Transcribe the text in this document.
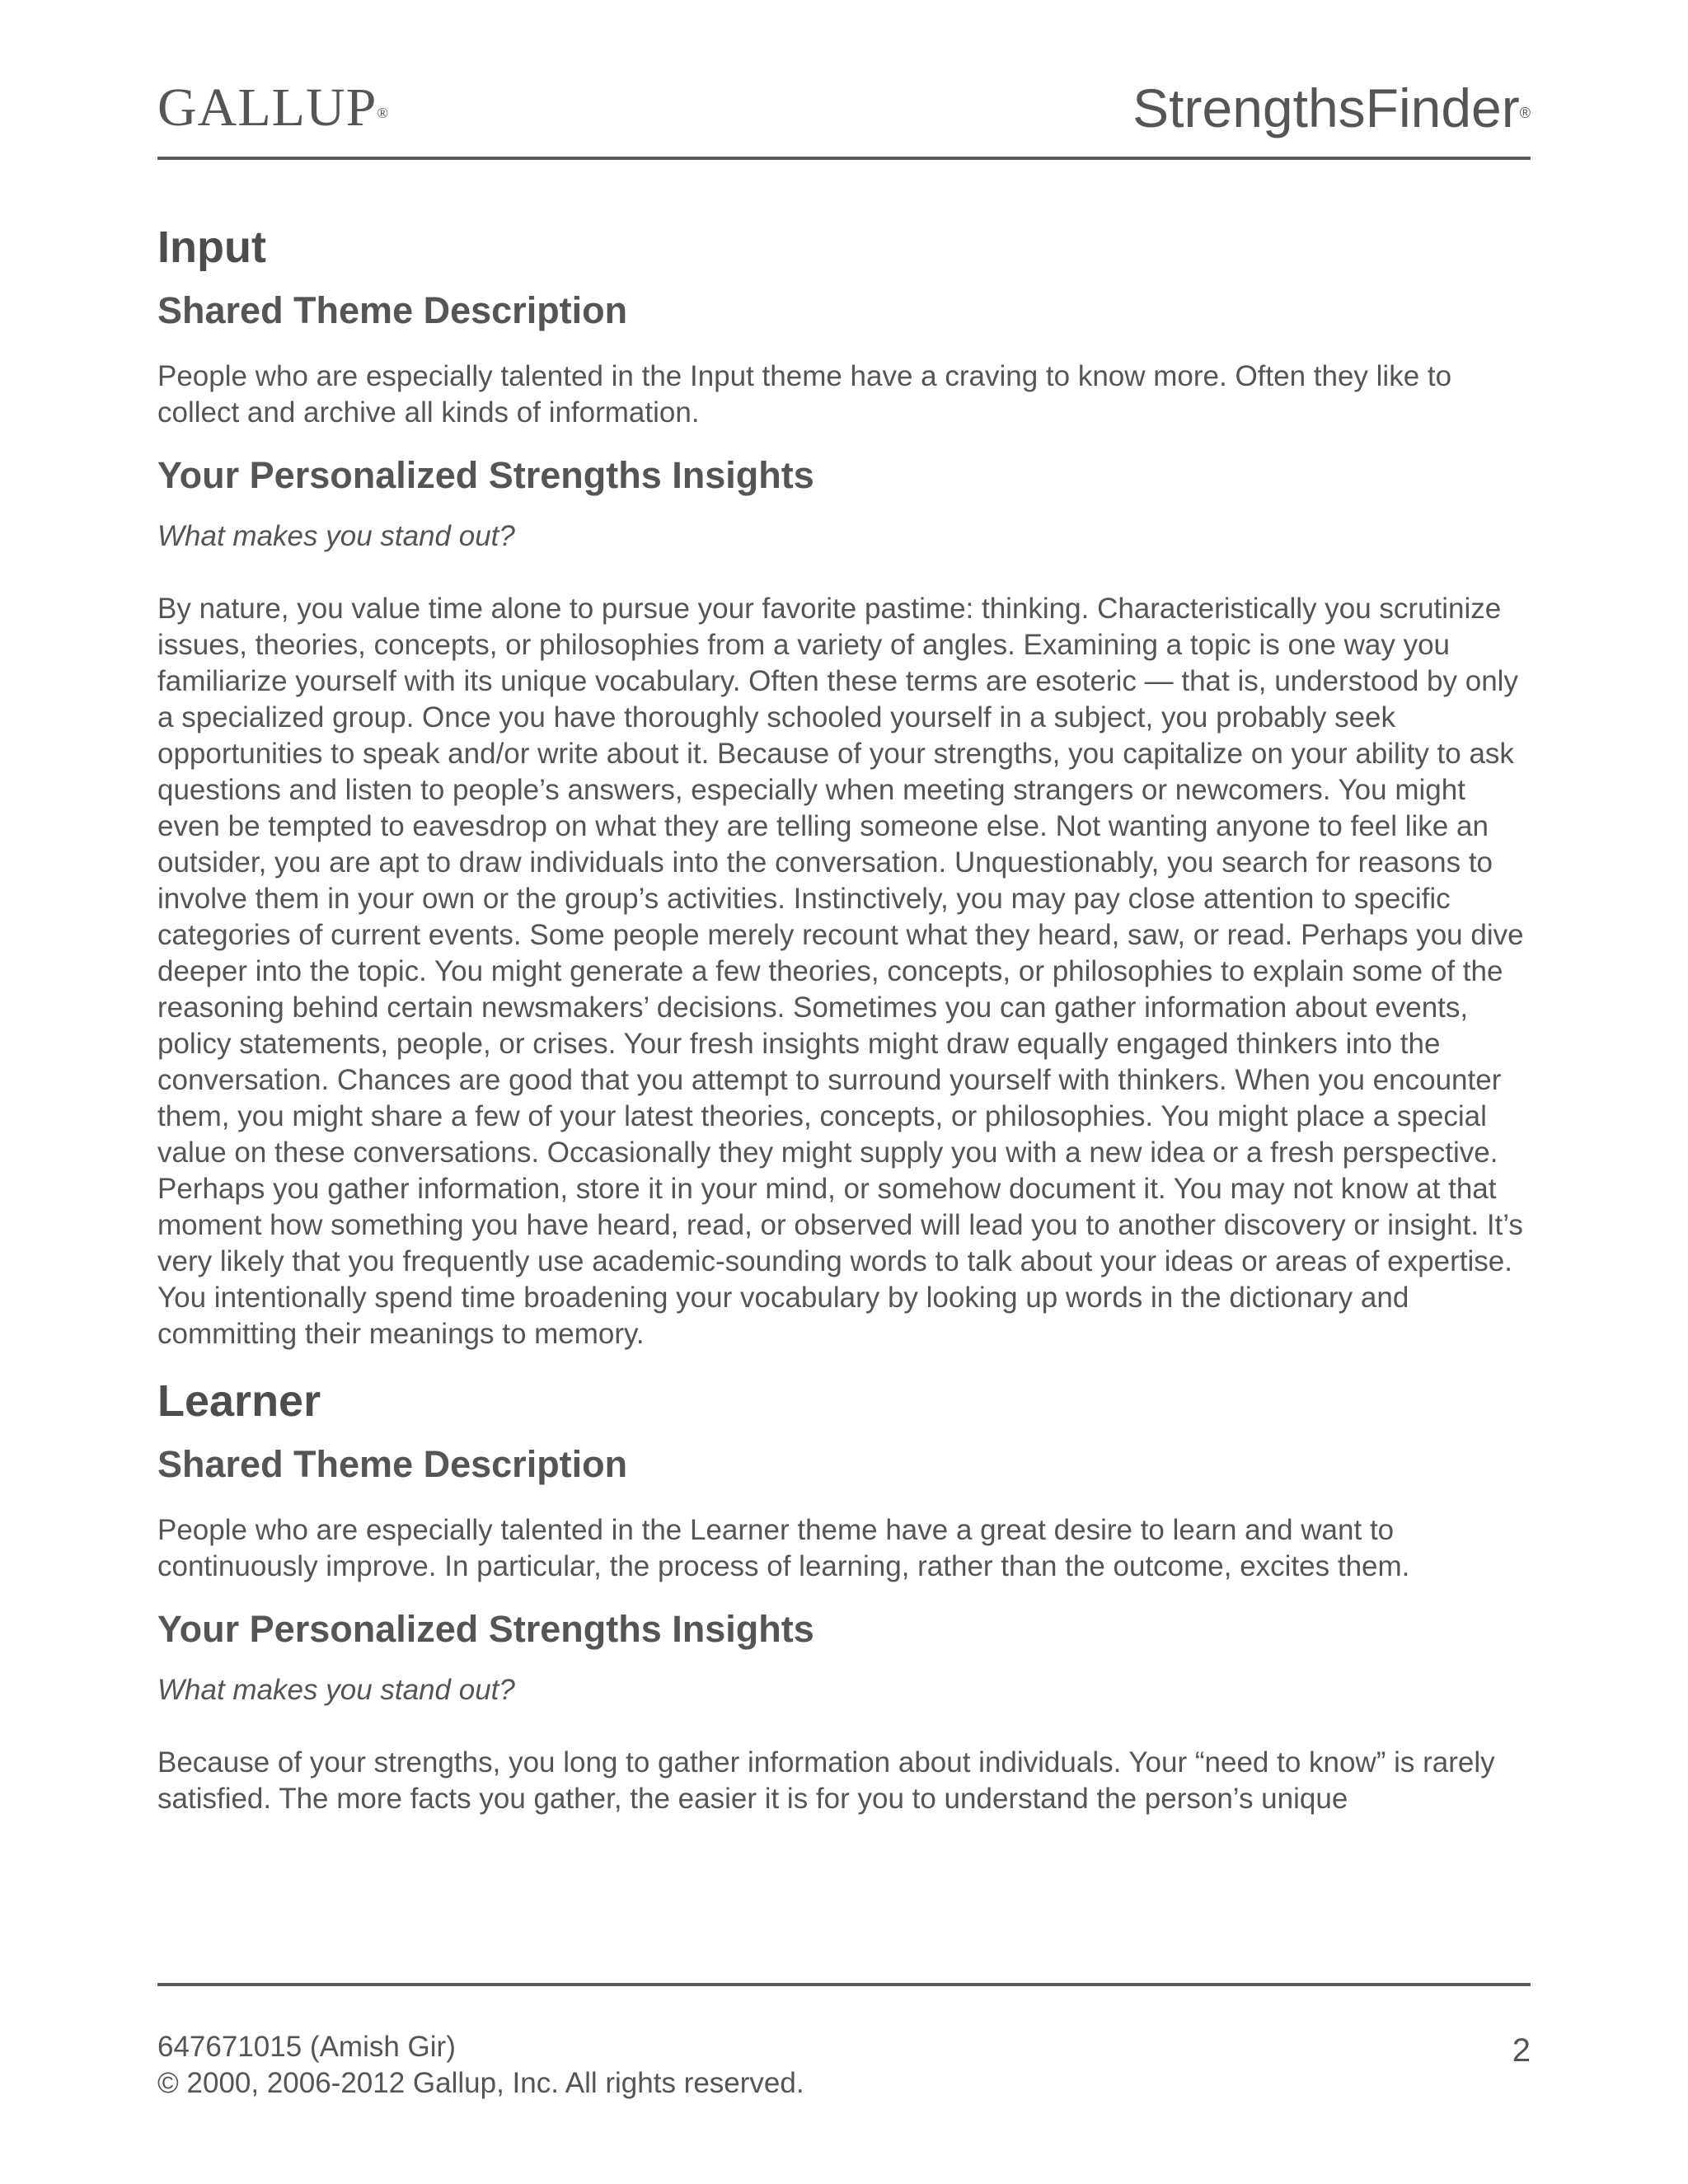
GALLUP®	StrengthsFinder®
Input
Shared Theme Description

People who are especially talented in the Input theme have a craving to know more. Often they like to collect and archive all kinds of information.

Your Personalized Strengths Insights

What makes you stand out?

By nature, you value time alone to pursue your favorite pastime: thinking. Characteristically you scrutinize issues, theories, concepts, or philosophies from a variety of angles. Examining a topic is one way you familiarize yourself with its unique vocabulary. Often these terms are esoteric — that is, understood by only a specialized group. Once you have thoroughly schooled yourself in a subject, you probably seek opportunities to speak and/or write about it. Because of your strengths, you capitalize on your ability to ask questions and listen to people’s answers, especially when meeting strangers or newcomers. You might even be tempted to eavesdrop on what they are telling someone else. Not wanting anyone to feel like an outsider, you are apt to draw individuals into the conversation. Unquestionably, you search for reasons to involve them in your own or the group’s activities. Instinctively, you may pay close attention to specific categories of current events. Some people merely recount what they heard, saw, or read. Perhaps you dive deeper into the topic. You might generate a few theories, concepts, or philosophies to explain some of the reasoning behind certain newsmakers’ decisions. Sometimes you can gather information about events, policy statements, people, or crises. Your fresh insights might draw equally engaged thinkers into the conversation. Chances are good that you attempt to surround yourself with thinkers. When you encounter them, you might share a few of your latest theories, concepts, or philosophies. You might place a special value on these conversations. Occasionally they might supply you with a new idea or a fresh perspective. Perhaps you gather information, store it in your mind, or somehow document it. You may not know at that moment how something you have heard, read, or observed will lead you to another discovery or insight. It’s very likely that you frequently use academic-sounding words to talk about your ideas or areas of expertise. You intentionally spend time broadening your vocabulary by looking up words in the dictionary and committing their meanings to memory.

Learner
Shared Theme Description

People who are especially talented in the Learner theme have a great desire to learn and want to continuously improve. In particular, the process of learning, rather than the outcome, excites them.

Your Personalized Strengths Insights

What makes you stand out?

Because of your strengths, you long to gather information about individuals. Your “need to know” is rarely satisfied. The more facts you gather, the easier it is for you to understand the person’s unique

647671015 (Amish Gir)

© 2000, 2006-2012 Gallup, Inc. All rights reserved.

2
